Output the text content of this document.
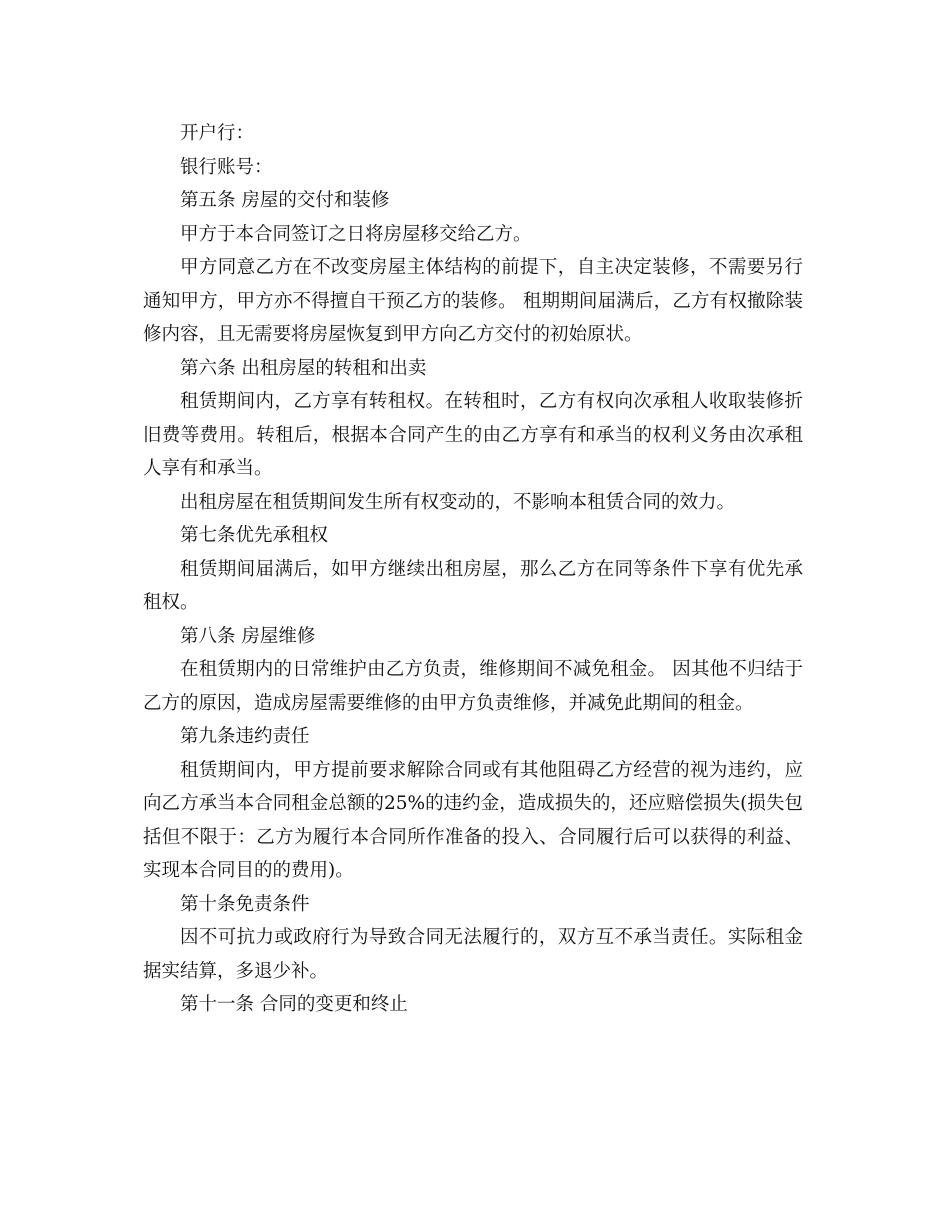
开户行：

银行账号：

第五条 房屋的交付和装修

甲方于本合同签订之日将房屋移交给乙方。

甲方同意乙方在不改变房屋主体结构的前提下，自主决定装修，不需要另行通知甲方，甲方亦不得擅自干预乙方的装修。 租期期间届满后，乙方有权撤除装修内容，且无需要将房屋恢复到甲方向乙方交付的初始原状。

第六条 出租房屋的转租和出卖

租赁期间内，乙方享有转租权。在转租时，乙方有权向次承租人收取装修折旧费等费用。转租后，根据本合同产生的由乙方享有和承当的权利义务由次承租人享有和承当。

出租房屋在租赁期间发生所有权变动的，不影响本租赁合同的效力。

第七条优先承租权

租赁期间届满后，如甲方继续出租房屋，那么乙方在同等条件下享有优先承租权。

第八条 房屋维修

在租赁期内的日常维护由乙方负责，维修期间不减免租金。 因其他不归结于乙方的原因，造成房屋需要维修的由甲方负责维修，并减免此期间的租金。

第九条违约责任

租赁期间内，甲方提前要求解除合同或有其他阻碍乙方经营的视为违约，应向乙方承当本合同租金总额的25%的违约金，造成损失的，还应赔偿损失(损失包括但不限于：乙方为履行本合同所作准备的投入、合同履行后可以获得的利益、实现本合同目的的费用)。

第十条免责条件

因不可抗力或政府行为导致合同无法履行的，双方互不承当责任。实际租金据实结算，多退少补。

第十一条 合同的变更和终止
